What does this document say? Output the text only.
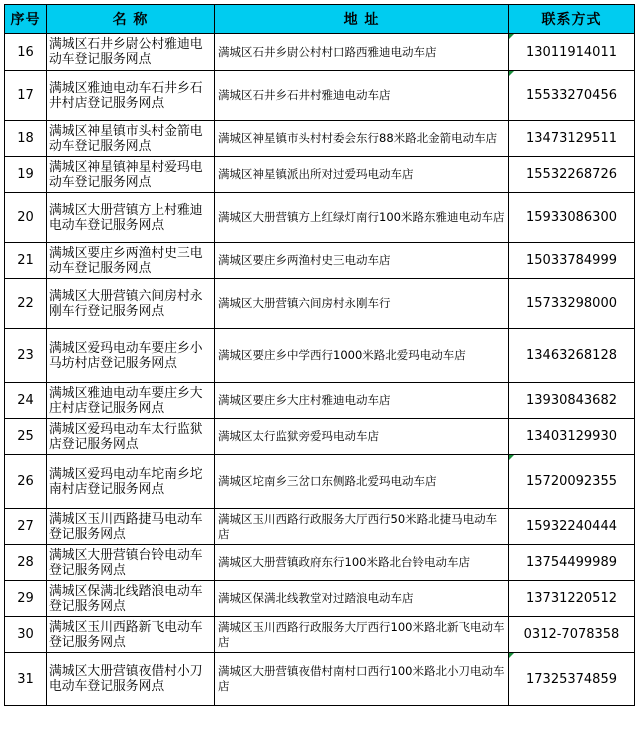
序号	名 称	地 址	联系方式
16	满城区石井乡尉公村雅迪电动车登记服务网点	满城区石井乡尉公村村口路西雅迪电动车店	13011914011
17	满城区雅迪电动车石井乡石井村店登记服务网点	满城区石井乡石井村雅迪电动车店	15533270456
18	满城区神星镇市头村金箭电动车登记服务网点	满城区神星镇市头村村委会东行88米路北金箭电动车店	13473129511
19	满城区神星镇神星村爱玛电动车登记服务网点	满城区神星镇派出所对过爱玛电动车店	15532268726
20	满城区大册营镇方上村雅迪电动车登记服务网点	满城区大册营镇方上红绿灯南行100米路东雅迪电动车店	15933086300
21	满城区要庄乡两渔村史三电动车登记服务网点	满城区要庄乡两渔村史三电动车店	15033784999
22	满城区大册营镇六间房村永刚车行登记服务网点	满城区大册营镇六间房村永刚车行	15733298000
23	满城区爱玛电动车要庄乡小马坊村店登记服务网点	满城区要庄乡中学西行1000米路北爱玛电动车店	13463268128
24	满城区雅迪电动车要庄乡大庄村店登记服务网点	满城区要庄乡大庄村雅迪电动车店	13930843682
25	满城区爱玛电动车太行监狱店登记服务网点	满城区太行监狱旁爱玛电动车店	13403129930
26	满城区爱玛电动车坨南乡坨南村店登记服务网点	满城区坨南乡三岔口东侧路北爱玛电动车店	15720092355
27	满城区玉川西路捷马电动车登记服务网点	满城区玉川西路行政服务大厅西行50米路北捷马电动车店	15932240444
28	满城区大册营镇台铃电动车登记服务网点	满城区大册营镇政府东行100米路北台铃电动车店	13754499989
29	满城区保满北线踏浪电动车登记服务网点	满城区保满北线教堂对过踏浪电动车店	13731220512
30	满城区玉川西路新飞电动车登记服务网点	满城区玉川西路行政服务大厅西行100米路北新飞电动车店	0312-7078358
31	满城区大册营镇夜借村小刀电动车登记服务网点	满城区大册营镇夜借村南村口西行100米路北小刀电动车店	17325374859
